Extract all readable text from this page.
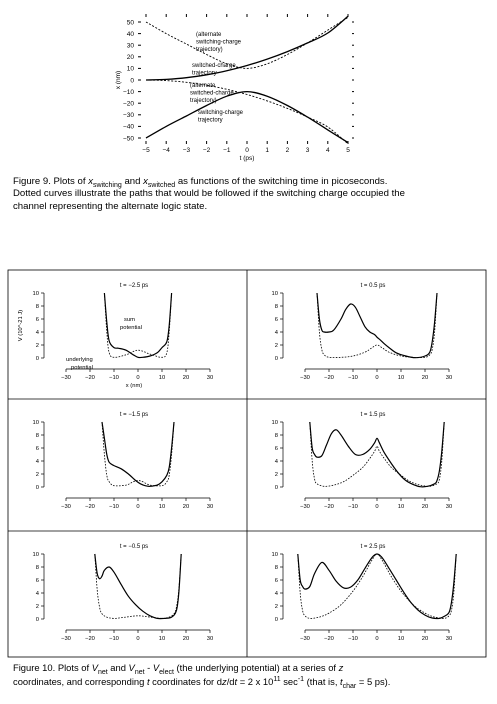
−5 −4 −3 −2 −1 0	1	2	3	4	5
50
40
30
20
10
0
−10
−20
−30
−40
−50
t (ps)
x (nm)
(alternate
switching-charge
trajectory)
switched-charge
trajectory
(alternate
switched-charge
trajectory)
switching-charge
trajectory
Figure 9. Plots of $x_{switching}$ and $x_{switched}$ as functions of the switching time in picoseconds.
Dotted curves illustrate the paths that would be followed if the switching charge occupied the
channel representing the alternate logic state.
10
8
6
4
2
0
−30 −20 −10	0	10	20	30
t = −2.5 ps
V (10^-21 J)
x (nm)
sum
potential
underlying
potential
10
8
6
4
2
0
−30 −20 −10	0	10	20	30
t = 0.5 ps
10
8
6
4
2
0
−30 −20 −10	0	10	20	30
t = −1.5 ps
10
8
6
4
2
0
−30 −20 −10	0	10	20	30
t = 1.5 ps
10
8
6
4
2
0
−30 −20 −10	0	10	20	30
t = −0.5 ps
10
8
6
4
2
0
−30 −20 −10	0	10	20	30
t = 2.5 ps
Figure 10. Plots of $V_{net}$ and $V_{net} - V_{elect}$ (the underlying potential) at a series of z
coordinates, and corresponding t coordinates for dz/dt = 2 x $10^{11}$ $\sec^{-1}$ (that is, $t_{char} = 5$ ps).
